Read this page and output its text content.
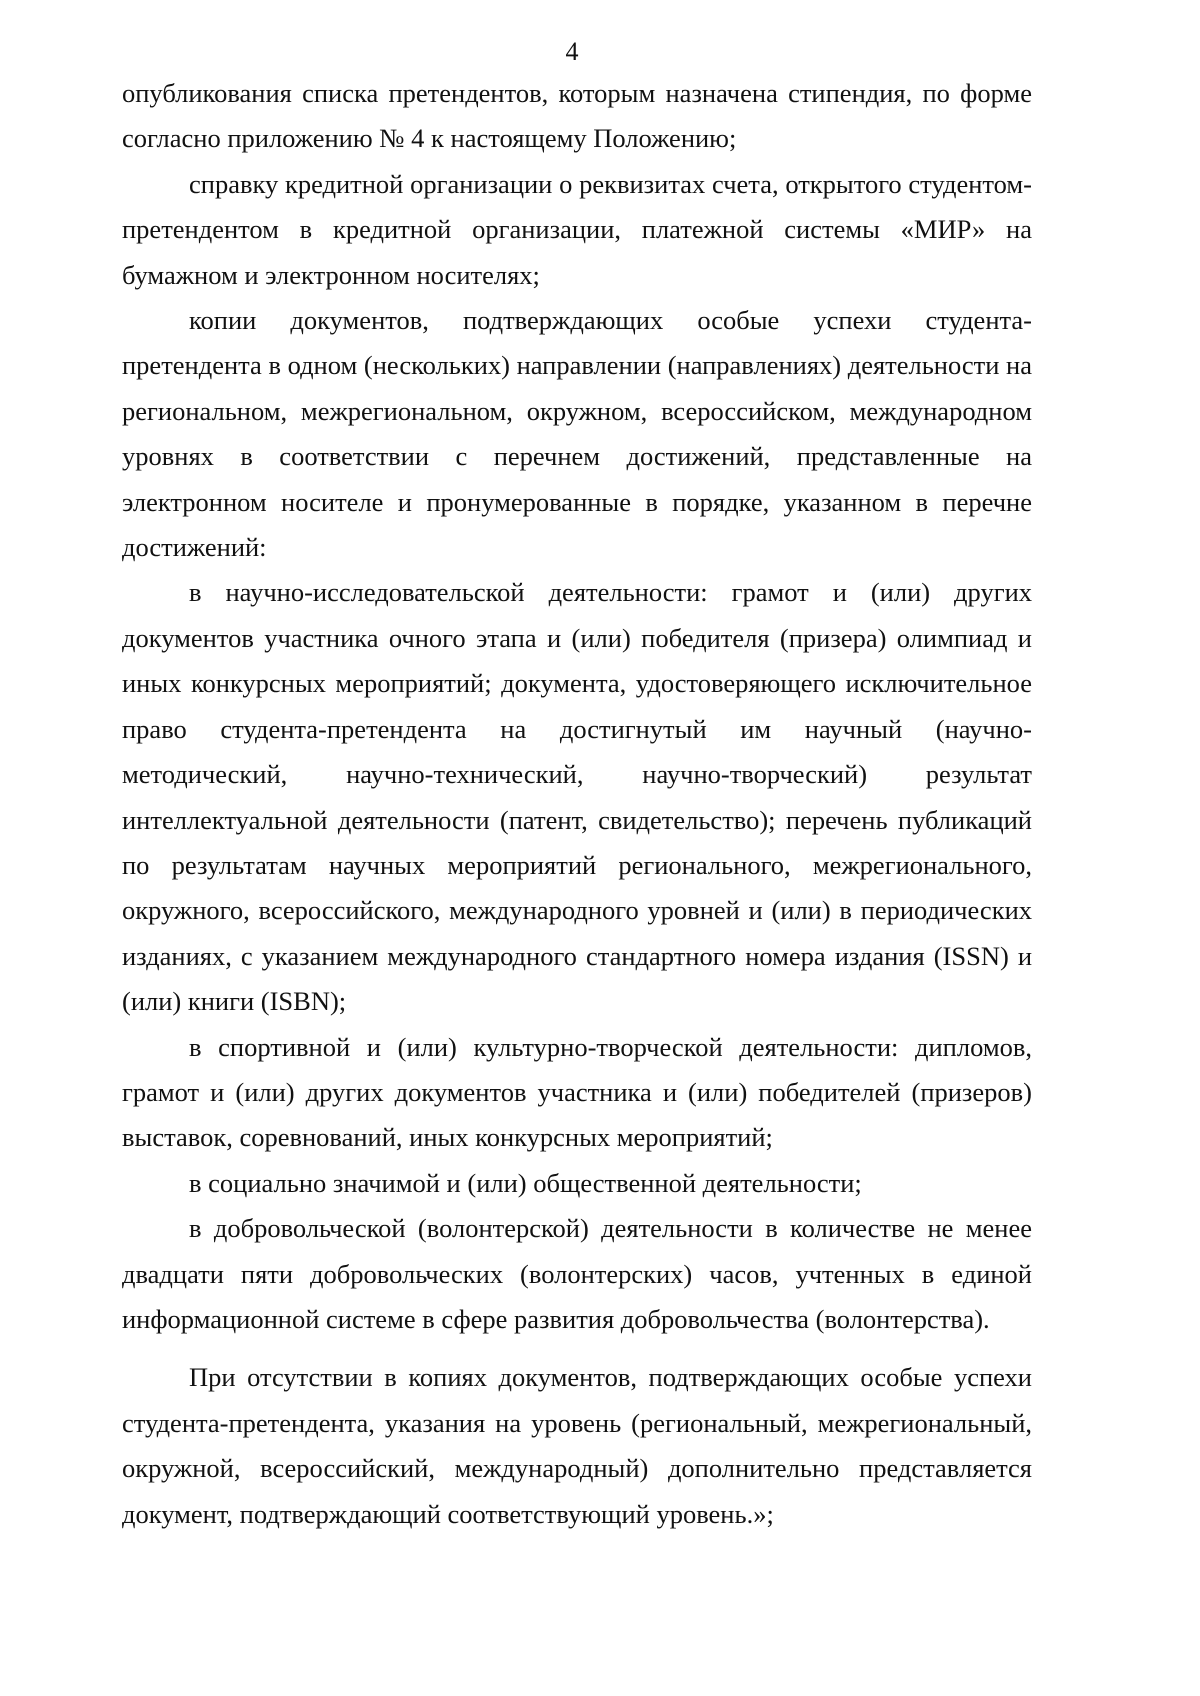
4

опубликования списка претендентов, которым назначена стипендия, по форме согласно приложению № 4 к настоящему Положению;

справку кредитной организации о реквизитах счета, открытого студентом-претендентом в кредитной организации, платежной системы «МИР» на бумажном и электронном носителях;

копии документов, подтверждающих особые успехи студента-претендента в одном (нескольких) направлении (направлениях) деятельности на региональном, межрегиональном, окружном, всероссийском, международном уровнях в соответствии с перечнем достижений, представленные на электронном носителе и пронумерованные в порядке, указанном в перечне достижений:

в научно-исследовательской деятельности: грамот и (или) других документов участника очного этапа и (или) победителя (призера) олимпиад и иных конкурсных мероприятий; документа, удостоверяющего исключительное право студента-претендента на достигнутый им научный (научно-методический, научно-технический, научно-творческий) результат интеллектуальной деятельности (патент, свидетельство); перечень публикаций по результатам научных мероприятий регионального, межрегионального, окружного, всероссийского, международного уровней и (или) в периодических изданиях, с указанием международного стандартного номера издания (ISSN) и (или) книги (ISBN);

в спортивной и (или) культурно-творческой деятельности: дипломов, грамот и (или) других документов участника и (или) победителей (призеров) выставок, соревнований, иных конкурсных мероприятий;

в социально значимой и (или) общественной деятельности;

в добровольческой (волонтерской) деятельности в количестве не менее двадцати пяти добровольческих (волонтерских) часов, учтенных в единой информационной системе в сфере развития добровольчества (волонтерства).

При отсутствии в копиях документов, подтверждающих особые успехи студента-претендента, указания на уровень (региональный, межрегиональный, окружной, всероссийский, международный) дополнительно представляется документ, подтверждающий соответствующий уровень.»;
